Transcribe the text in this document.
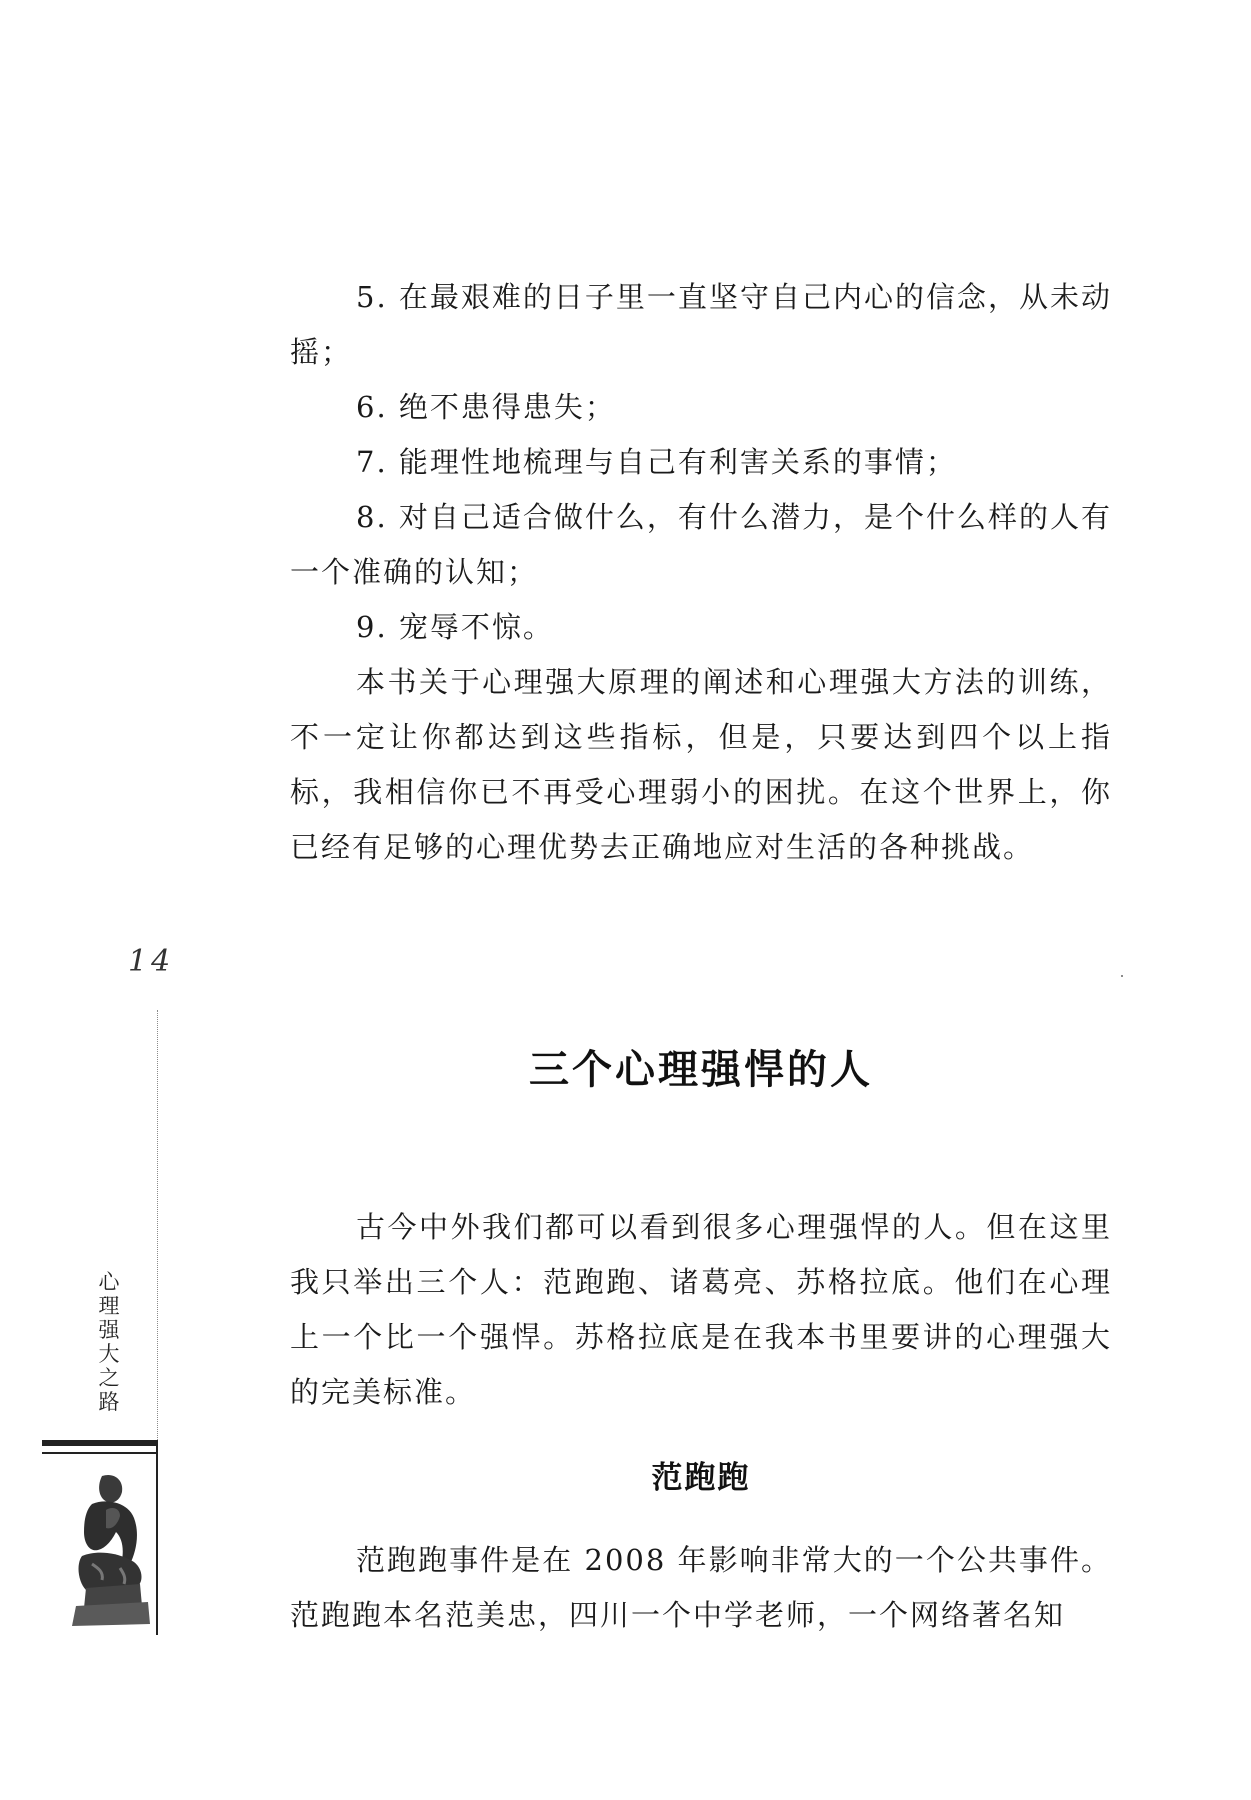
5. 在最艰难的日子里一直坚守自己内心的信念，从未动摇；

6. 绝不患得患失；

7. 能理性地梳理与自己有利害关系的事情；

8. 对自己适合做什么，有什么潜力，是个什么样的人有一个准确的认知；

9. 宠辱不惊。

本书关于心理强大原理的阐述和心理强大方法的训练，不一定让你都达到这些指标，但是，只要达到四个以上指标，我相信你已不再受心理弱小的困扰。在这个世界上，你已经有足够的心理优势去正确地应对生活的各种挑战。

14
心理强大之路
三个心理强悍的人

古今中外我们都可以看到很多心理强悍的人。但在这里我只举出三个人：范跑跑、诸葛亮、苏格拉底。他们在心理上一个比一个强悍。苏格拉底是在我本书里要讲的心理强大的完美标准。

范跑跑

范跑跑事件是在 2008 年影响非常大的一个公共事件。范跑跑本名范美忠，四川一个中学老师，一个网络著名知
